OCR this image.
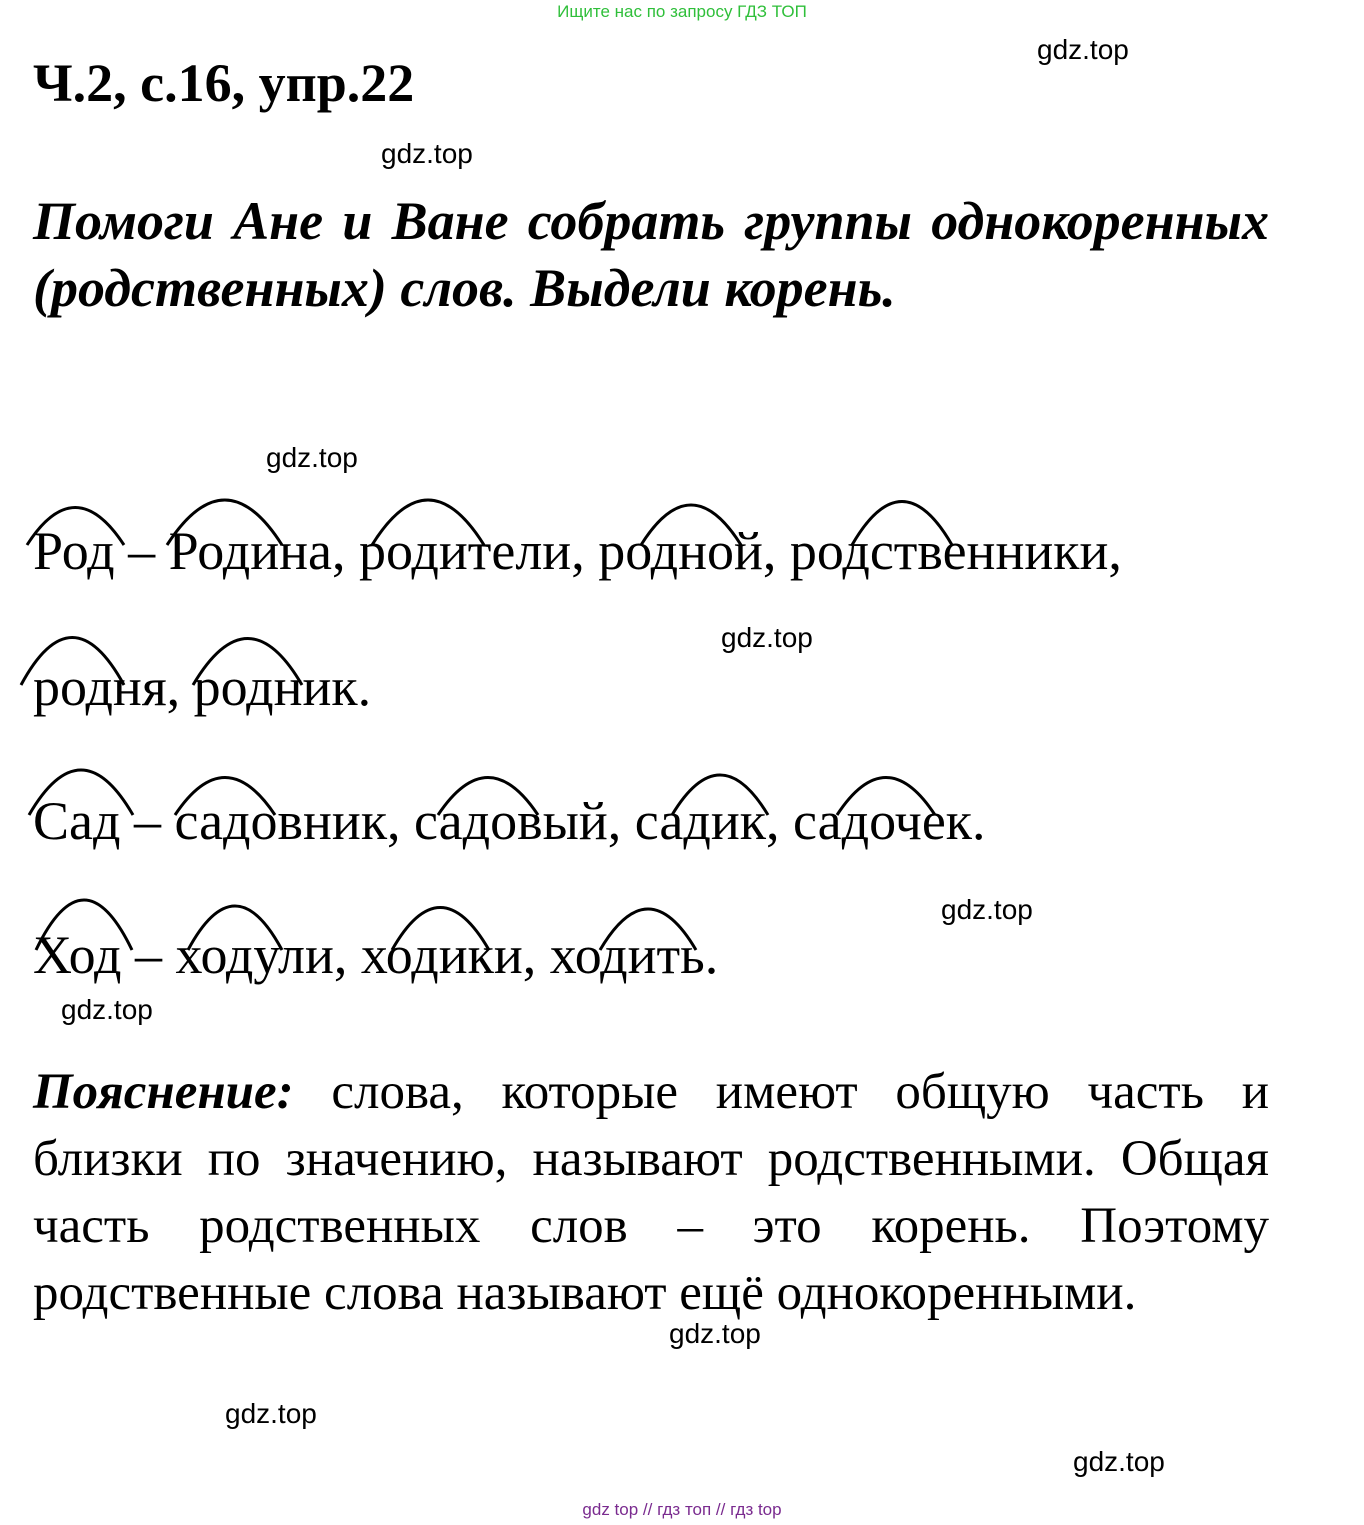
Ищите нас по запросу ГДЗ ТОП
gdz.top
gdz.top
gdz.top
gdz.top
gdz.top
gdz.top
gdz.top
gdz.top
gdz.top
Ч.2, с.16, упр.22
Помоги Ане и Ване собрать группы однокоренных (родственных) слов. Выдели корень.
Род – Родина, родители, родной, родственники,
родня, родник.
Сад – садовник, садовый, садик, садочек.
Ход – ходули, ходики, ходить.
Пояснение: слова, которые имеют общую часть и близки по значению, называют родственными. Общая часть родственных слов – это корень. Поэтому родственные слова называют ещё однокоренными.
gdz top // гдз топ // гдз top
